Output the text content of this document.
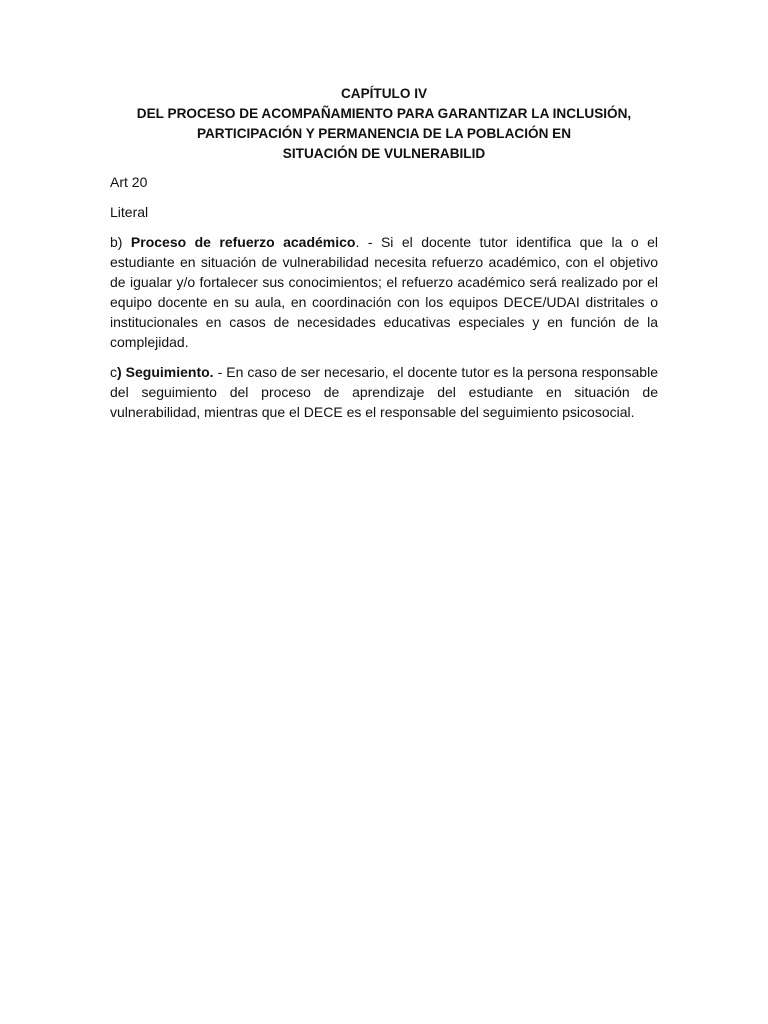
CAPÍTULO IV
DEL PROCESO DE ACOMPAÑAMIENTO PARA GARANTIZAR LA INCLUSIÓN,
PARTICIPACIÓN Y PERMANENCIA DE LA POBLACIÓN EN
SITUACIÓN DE VULNERABILID

Art 20

Literal

b) Proceso de refuerzo académico. - Si el docente tutor identifica que la o el estudiante en situación de vulnerabilidad necesita refuerzo académico, con el objetivo de igualar y/o fortalecer sus conocimientos; el refuerzo académico será realizado por el equipo docente en su aula, en coordinación con los equipos DECE/UDAI distritales o institucionales en casos de necesidades educativas especiales y en función de la complejidad.

c) Seguimiento. - En caso de ser necesario, el docente tutor es la persona responsable del seguimiento del proceso de aprendizaje del estudiante en situación de vulnerabilidad, mientras que el DECE es el responsable del seguimiento psicosocial.
